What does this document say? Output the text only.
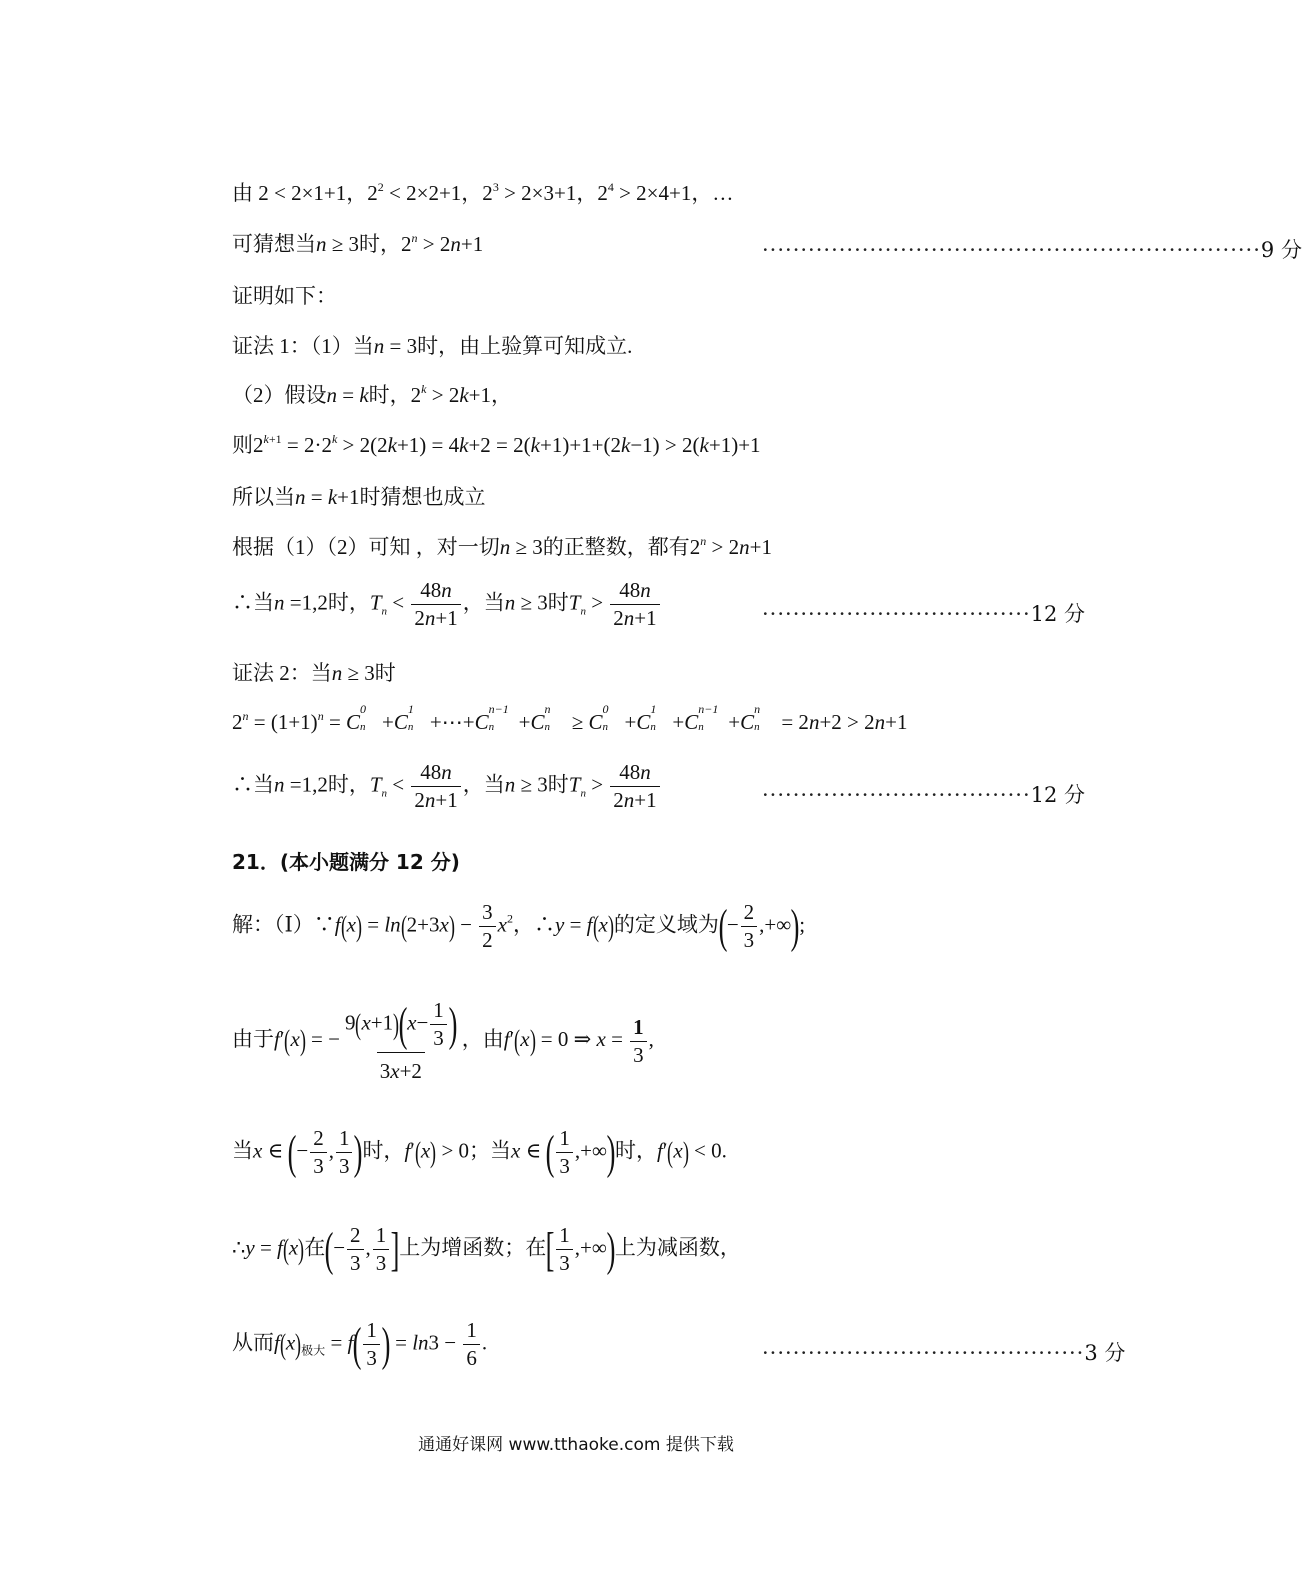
由 2 < 2×1+1，$2^2 < 2\times 2+1$，$2^3 > 2\times 3+1$，$2^4 > 2\times 4+1$，…
可猜想当n ≥ 3时，$2^n > 2n+1$	·································································9 分
证明如下：
证法 1：（1）当n = 3时，由上验算可知成立.
（2）假设n = k时，$2^k > 2k+1$，
则$2^{k+1} = 2\cdot 2^k > 2(2k+1) = 4k+2 = 2(k+1)+1+(2k-1) > 2(k+1)+1$
所以当n = k+1时猜想也成立
根据（1）（2）可知 ，对一切n ≥ 3的正整数，都有$2^n > 2n+1$
∴当n =1,2时，$T_n < \frac{48n}{2n+1}$ ，当n ≥ 3时$T_n > \frac{48n}{2n+1}$	···································12 分
证法 2：当n ≥ 3时
$2^n = (1+1)^n = C$
0
n +C
1
n +⋯+C
n−1
n +C
n
n ≥ C
0
n +C
1
n +C
n−1
n +C
n
n = 2n+2 > 2n+1
∴当n =1,2时，$T_n < \frac{48n}{2n+1}$ ，当n ≥ 3时$T_n > \frac{48n}{2n+1}$	···································12 分
21．(本小题满分 12 分)
解：（Ⅰ）∵f(x) = $\ln(2+3x) - \frac{3}{2} x^2$，∴y = f(x)的定义域为(− $\frac{2}{3}$ ,+∞);
由于f′(x) = − $\frac{9(x+1)(x- \frac{1}{3} )}{3x+2}$ ，由f′(x) = 0 ⇒ $x = \frac{1}{3}$ ,
当x ∈ (− $\frac{2}{3}$ , $\frac{1}{3}$ )时，f′(x) > 0；当x ∈ ( $\frac{1}{3}$ ,+∞)时，f′(x) < 0.
∴y = f(x)在(− $\frac{2}{3}$ , $\frac{1}{3}$ ]上为增函数；在[ $\frac{1}{3}$ ,+∞)上为减函数，
从而$f(x)_{极大} = f( \frac{1}{3}$ ) = $\ln 3 - \frac{1}{6}$ .	··········································3 分
通通好课网 www.tthaoke.com 提供下载
